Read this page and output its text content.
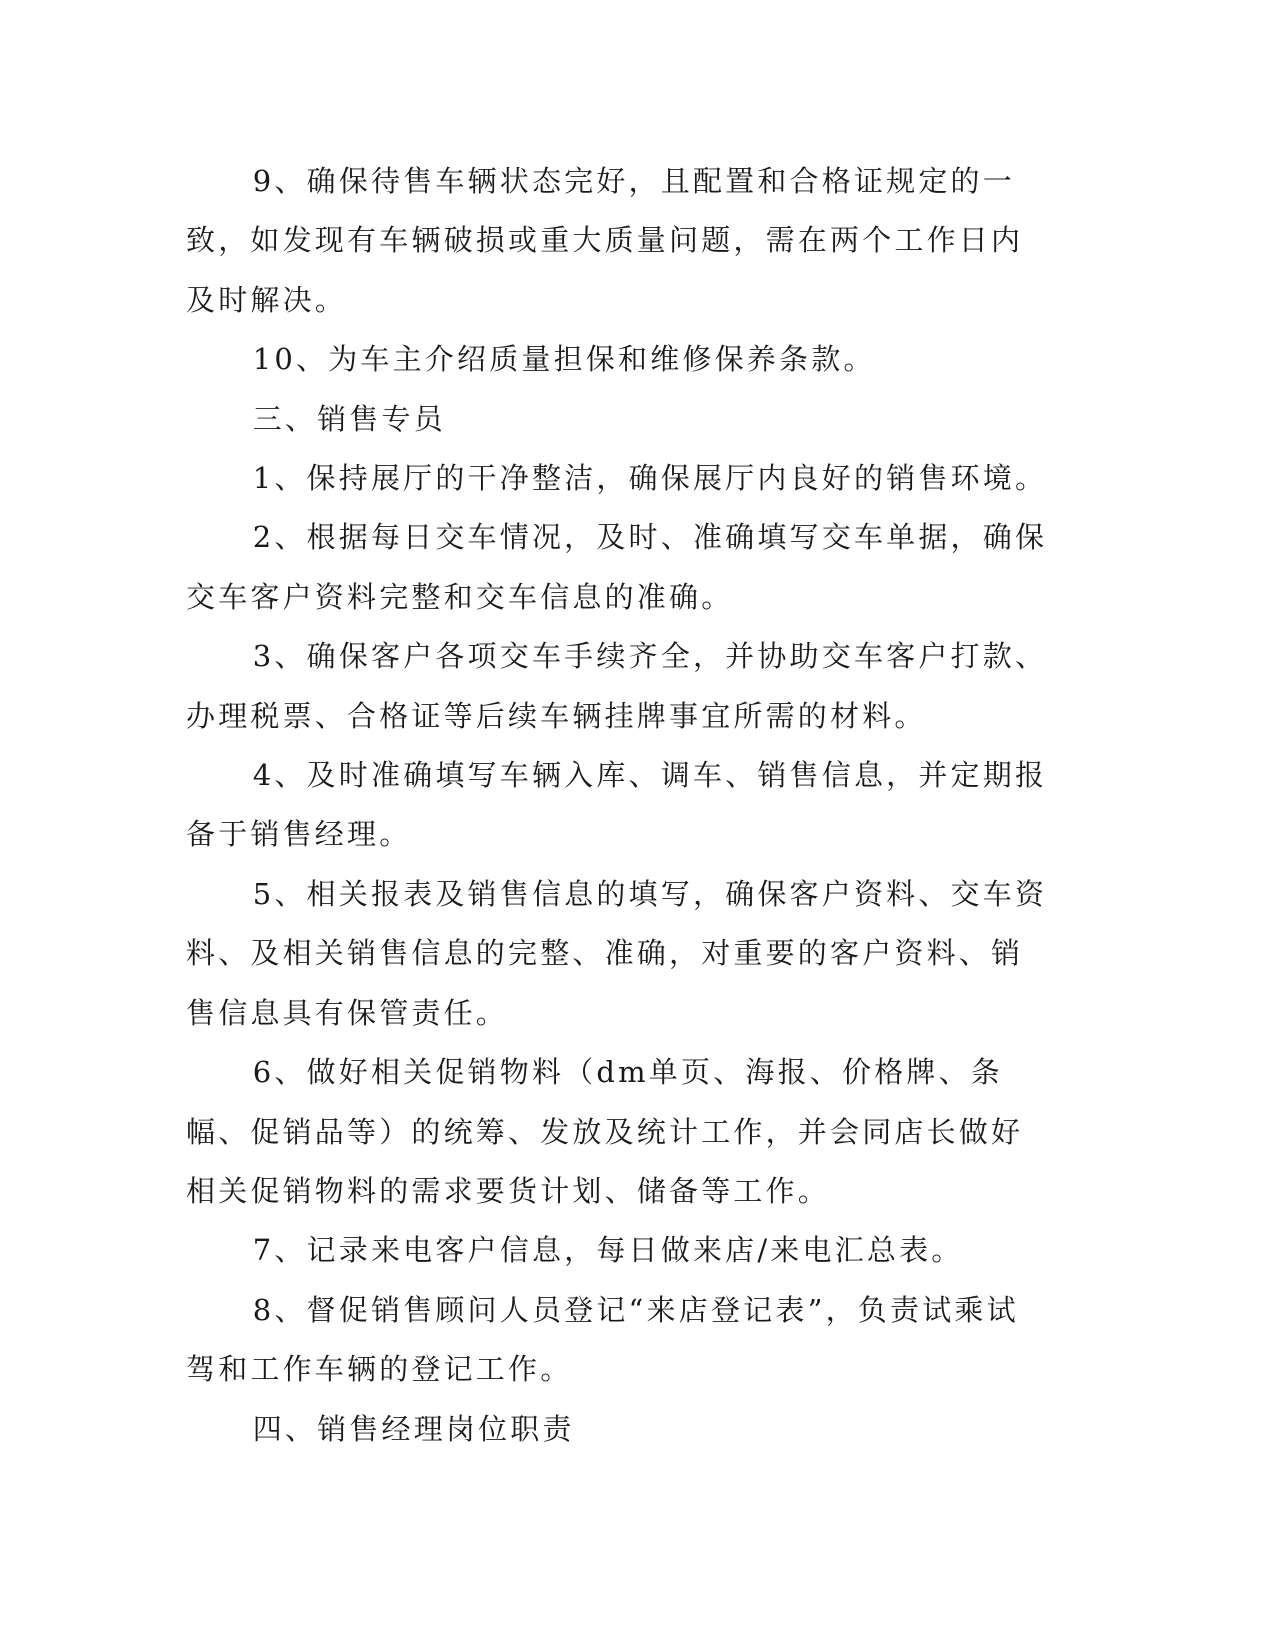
9、确保待售车辆状态完好，且配置和合格证规定的一致，如发现有车辆破损或重大质量问题，需在两个工作日内及时解决。

10、为车主介绍质量担保和维修保养条款。

三、销售专员

1、保持展厅的干净整洁，确保展厅内良好的销售环境。

2、根据每日交车情况，及时、准确填写交车单据，确保交车客户资料完整和交车信息的准确。

3、确保客户各项交车手续齐全，并协助交车客户打款、办理税票、合格证等后续车辆挂牌事宜所需的材料。

4、及时准确填写车辆入库、调车、销售信息，并定期报备于销售经理。

5、相关报表及销售信息的填写，确保客户资料、交车资料、及相关销售信息的完整、准确，对重要的客户资料、销售信息具有保管责任。

6、做好相关促销物料（dm单页、海报、价格牌、条幅、促销品等）的统筹、发放及统计工作，并会同店长做好相关促销物料的需求要货计划、储备等工作。

7、记录来电客户信息，每日做来店/来电汇总表。

8、督促销售顾问人员登记“来店登记表”，负责试乘试驾和工作车辆的登记工作。

四、销售经理岗位职责
